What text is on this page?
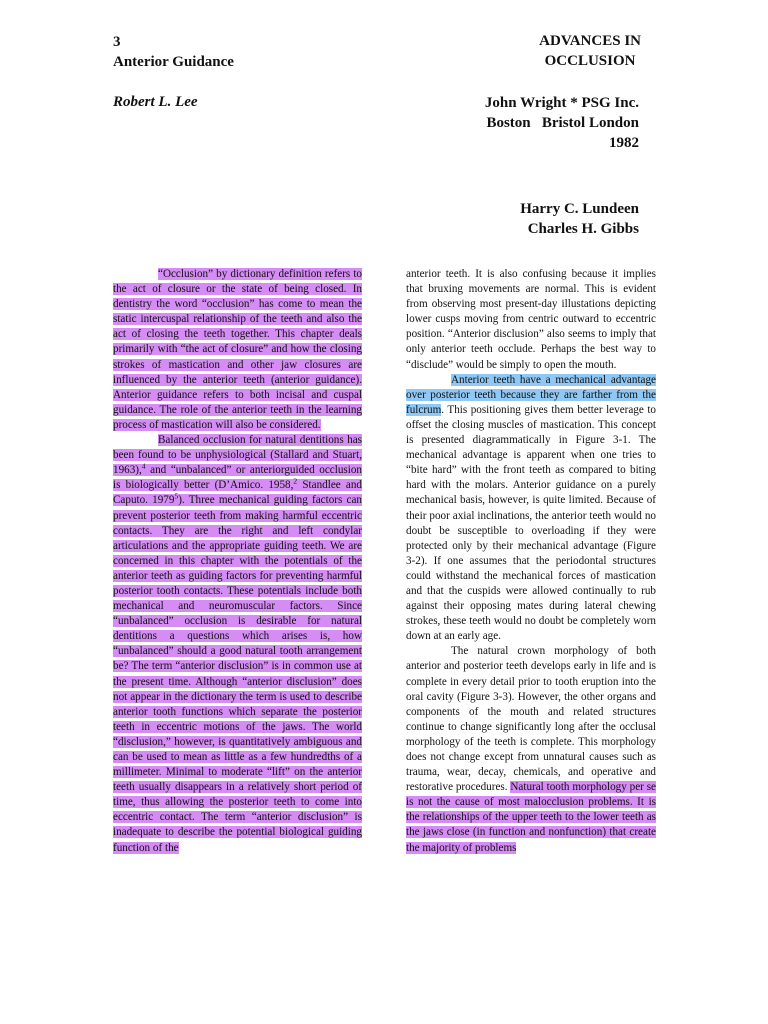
3
Anterior Guidance
Robert L. Lee
ADVANCES IN
OCCLUSION
John Wright * PSG Inc.
Boston   Bristol London
1982
Harry C. Lundeen
Charles H. Gibbs

“Occlusion” by dictionary definition refers to the act of closure or the state of being closed. In dentistry the word “occlusion” has come to mean the static intercuspal relationship of the teeth and also the act of closing the teeth together. This chapter deals primarily with “the act of closure” and how the closing strokes of mastication and other jaw closures are influenced by the anterior teeth (anterior guidance). Anterior guidance refers to both incisal and cuspal guidance. The role of the anterior teeth in the learning process of mastication will also be considered.

Balanced occlusion for natural dentitions has been found to be unphysiological (Stallard and Stuart, 1963),$^4$ and “unbalanced” or anteriorguided occlusion is biologically better (D’Amico. 1958,$^2$ Standlee and Caputo. 1979$^5$). Three mechanical guiding factors can prevent posterior teeth from making harmful eccentric contacts. They are the right and left condylar articulations and the appropriate guiding teeth. We are concerned in this chapter with the potentials of the anterior teeth as guiding factors for preventing harmful posterior tooth contacts. These potentials include both mechanical and neuromuscular factors. Since “unbalanced” occlusion is desirable for natural dentitions a questions which arises is, how “unbalanced” should a good natural tooth arrangement be? The term “anterior disclusion” is in common use at the present time. Although “anterior disclusion” does not appear in the dictionary the term is used to describe anterior tooth functions which separate the posterior teeth in eccentric motions of the jaws. The world “disclusion,” however, is quantitatively ambiguous and can be used to mean as little as a few hundredths of a millimeter. Minimal to moderate “lift” on the anterior teeth usually disappears in a relatively short period of time, thus allowing the posterior teeth to come into eccentric contact. The term “anterior disclusion” is inadequate to describe the potential biological guiding function of the

anterior teeth. It is also confusing because it implies that bruxing movements are normal. This is evident from observing most present-day illustations depicting lower cusps moving from centric outward to eccentric position. “Anterior disclusion” also seems to imply that only anterior teeth occlude. Perhaps the best way to “disclude” would be simply to open the mouth.

Anterior teeth have a mechanical advantage over posterior teeth because they are farther from the fulcrum. This positioning gives them better leverage to offset the closing muscles of mastication. This concept is presented diagrammatically in Figure 3-1. The mechanical advantage is apparent when one tries to “bite hard” with the front teeth as compared to biting hard with the molars. Anterior guidance on a purely mechanical basis, however, is quite limited. Because of their poor axial inclinations, the anterior teeth would no doubt be susceptible to overloading if they were protected only by their mechanical advantage (Figure 3-2). If one assumes that the periodontal structures could withstand the mechanical forces of mastication and that the cuspids were allowed continually to rub against their opposing mates during lateral chewing strokes, these teeth would no doubt be completely worn down at an early age.

The natural crown morphology of both anterior and posterior teeth develops early in life and is complete in every detail prior to tooth eruption into the oral cavity (Figure 3-3). However, the other organs and components of the mouth and related structures continue to change significantly long after the occlusal morphology of the teeth is complete. This morphology does not change except from unnatural causes such as trauma, wear, decay, chemicals, and operative and restorative procedures. Natural tooth morphology per se is not the cause of most malocclusion problems. It is the relationships of the upper teeth to the lower teeth as the jaws close (in function and nonfunction) that create the majority of problems
